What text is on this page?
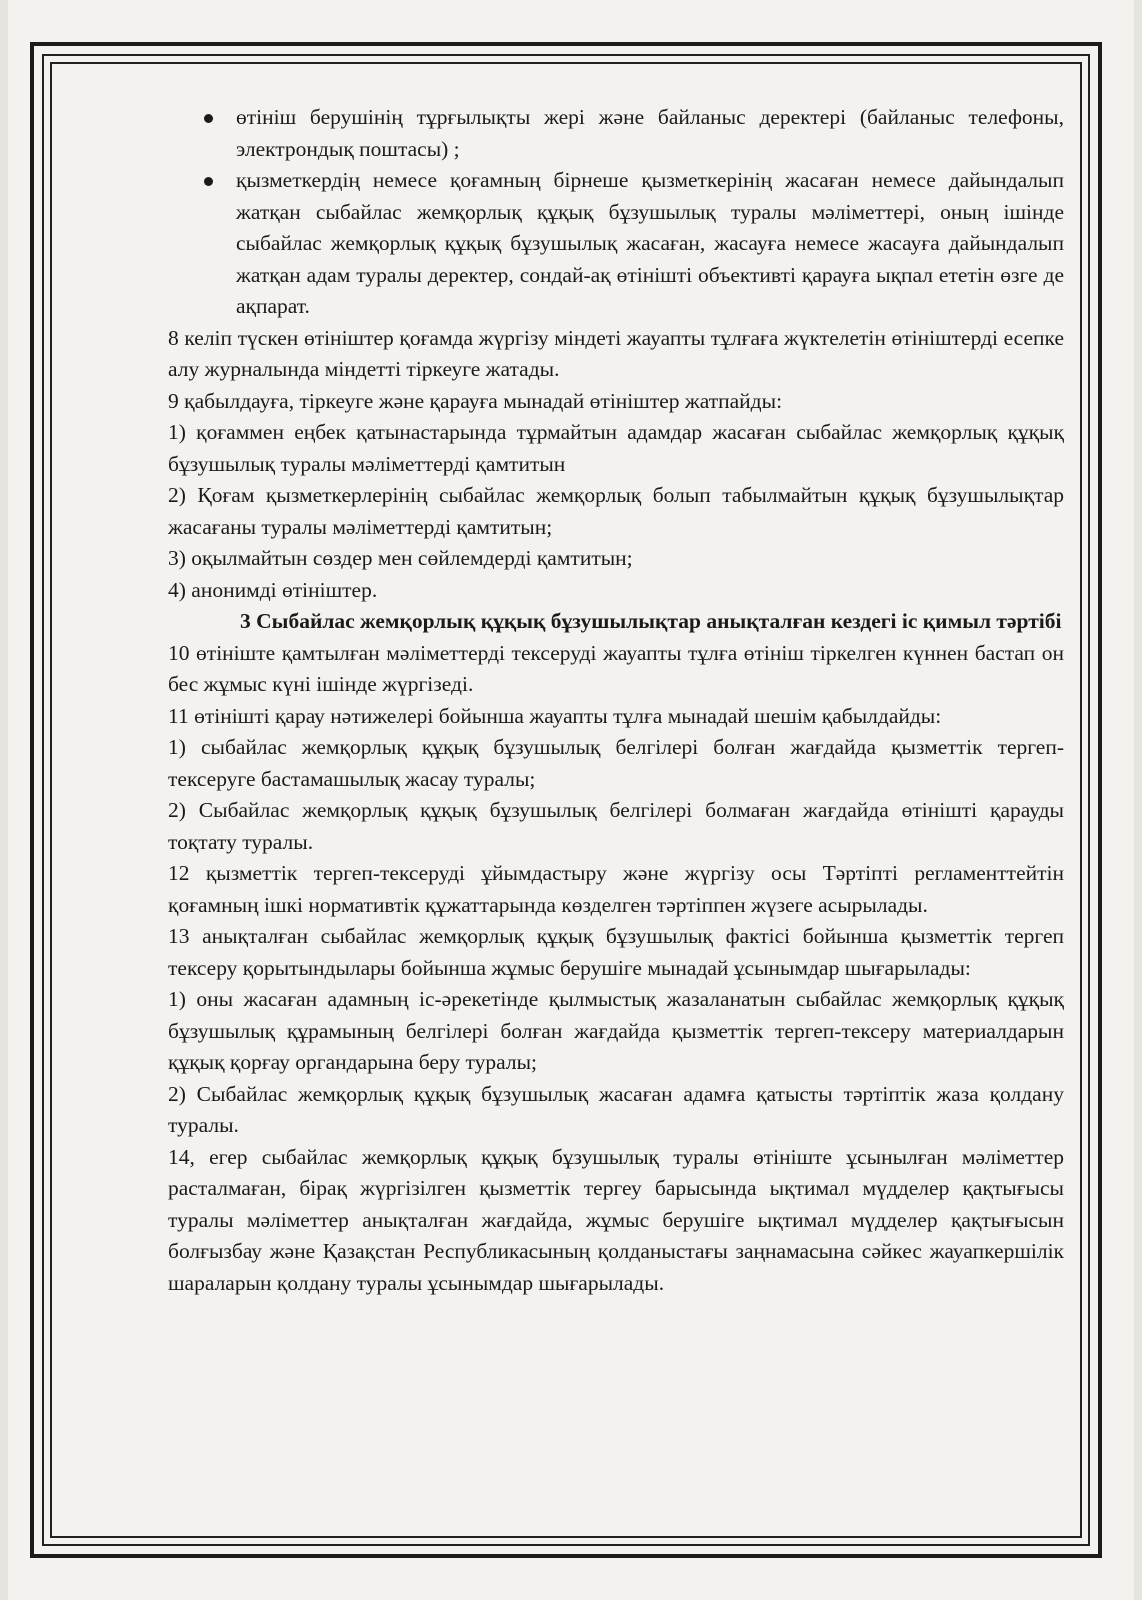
өтініш берушінің тұрғылықты жері және байланыс деректері (байланыс телефоны, электрондық поштасы) ;
қызметкердің немесе қоғамның бірнеше қызметкерінің жасаған немесе дайындалып жатқан сыбайлас жемқорлық құқық бұзушылық туралы мәліметтері, оның ішінде сыбайлас жемқорлық құқық бұзушылық жасаған, жасауға немесе жасауға дайындалып жатқан адам туралы деректер, сондай-ақ өтінішті объективті қарауға ықпал ететін өзге де ақпарат.

8 келіп түскен өтініштер қоғамда жүргізу міндеті жауапты тұлғаға жүктелетін өтініштерді есепке алу журналында міндетті тіркеуге жатады.

9 қабылдауға, тіркеуге және қарауға мынадай өтініштер жатпайды:

1) қоғаммен еңбек қатынастарында тұрмайтын адамдар жасаған сыбайлас жемқорлық құқық бұзушылық туралы мәліметтерді қамтитын

2) Қоғам қызметкерлерінің сыбайлас жемқорлық болып табылмайтын құқық бұзушылықтар жасағаны туралы мәліметтерді қамтитын;

3) оқылмайтын сөздер мен сөйлемдерді қамтитын;

4) анонимді өтініштер.

3 Сыбайлас жемқорлық құқық бұзушылықтар анықталған кездегі іс қимыл тәртібі

10 өтініште қамтылған мәліметтерді тексеруді жауапты тұлға өтініш тіркелген күннен бастап он бес жұмыс күні ішінде жүргізеді.

11 өтінішті қарау нәтижелері бойынша жауапты тұлға мынадай шешім қабылдайды:

1) сыбайлас жемқорлық құқық бұзушылық белгілері болған жағдайда қызметтік тергеп-тексеруге бастамашылық жасау туралы;

2) Сыбайлас жемқорлық құқық бұзушылық белгілері болмаған жағдайда өтінішті қарауды тоқтату туралы.

12 қызметтік тергеп-тексеруді ұйымдастыру және жүргізу осы Тәртіпті регламенттейтін қоғамның ішкі нормативтік құжаттарында көзделген тәртіппен жүзеге асырылады.

13 анықталған сыбайлас жемқорлық құқық бұзушылық фактісі бойынша қызметтік тергеп тексеру қорытындылары бойынша жұмыс берушіге мынадай ұсынымдар шығарылады:

1) оны жасаған адамның іс-әрекетінде қылмыстық жазаланатын сыбайлас жемқорлық құқық бұзушылық құрамының белгілері болған жағдайда қызметтік тергеп-тексеру материалдарын құқық қорғау органдарына беру туралы;

2) Сыбайлас жемқорлық құқық бұзушылық жасаған адамға қатысты тәртіптік жаза қолдану туралы.

14, егер сыбайлас жемқорлық құқық бұзушылық туралы өтініште ұсынылған мәліметтер расталмаған, бірақ жүргізілген қызметтік тергеу барысында ықтимал мүдделер қақтығысы туралы мәліметтер анықталған жағдайда, жұмыс берушіге ықтимал мүдделер қақтығысын болғызбау және Қазақстан Республикасының қолданыстағы заңнамасына сәйкес жауапкершілік шараларын қолдану туралы ұсынымдар шығарылады.
